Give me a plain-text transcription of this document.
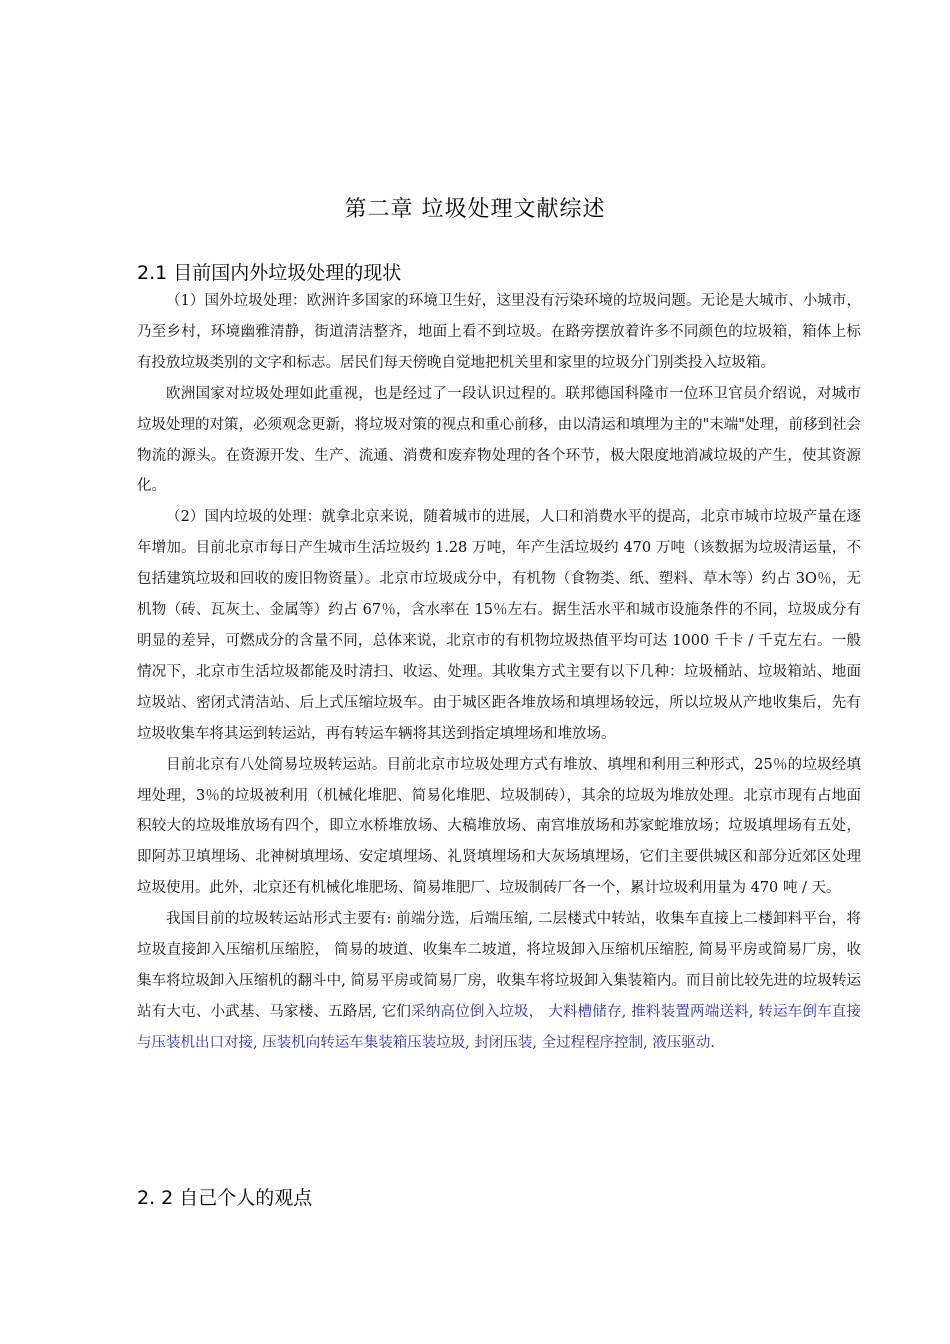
第二章 垃圾处理文献综述
2.1 目前国内外垃圾处理的现状

（1）国外垃圾处理：欧洲许多国家的环境卫生好，这里没有污染环境的垃圾问题。无论是大城市、小城市，乃至乡村，环境幽雅清静，街道清洁整齐，地面上看不到垃圾。在路旁摆放着许多不同颜色的垃圾箱，箱体上标有投放垃圾类别的文字和标志。居民们每天傍晚自觉地把机关里和家里的垃圾分门别类投入垃圾箱。

欧洲国家对垃圾处理如此重视，也是经过了一段认识过程的。联邦德国科隆市一位环卫官员介绍说，对城市垃圾处理的对策，必须观念更新，将垃圾对策的视点和重心前移，由以清运和填埋为主的"末端"处理，前移到社会物流的源头。在资源开发、生产、流通、消费和废弃物处理的各个环节，极大限度地消减垃圾的产生，使其资源化。

（2）国内垃圾的处理：就拿北京来说，随着城市的进展，人口和消费水平的提高，北京市城市垃圾产量在逐年增加。目前北京市每日产生城市生活垃圾约 1.28 万吨，年产生活垃圾约 470 万吨（该数据为垃圾清运量，不包括建筑垃圾和回收的废旧物资量）。北京市垃圾成分中，有机物（食物类、纸、塑料、草木等）约占 3O％，无机物（砖、瓦灰土、金属等）约占 67％，含水率在 15％左右。据生活水平和城市设施条件的不同，垃圾成分有明显的差异，可燃成分的含量不同，总体来说，北京市的有机物垃圾热值平均可达 1000 千卡 / 千克左右。一般情况下，北京市生活垃圾都能及时清扫、收运、处理。其收集方式主要有以下几种：垃圾桶站、垃圾箱站、地面垃圾站、密闭式清洁站、后上式压缩垃圾车。由于城区距各堆放场和填埋场较远，所以垃圾从产地收集后，先有垃圾收集车将其运到转运站，再有转运车辆将其送到指定填埋场和堆放场。

目前北京有八处简易垃圾转运站。目前北京市垃圾处理方式有堆放、填埋和利用三种形式，25％的垃圾经填埋处理，3％的垃圾被利用（机械化堆肥、简易化堆肥、垃圾制砖），其余的垃圾为堆放处理。北京市现有占地面积较大的垃圾堆放场有四个，即立水桥堆放场、大稿堆放场、南宫堆放场和苏家蛇堆放场；垃圾填埋场有五处，即阿苏卫填埋场、北神树填埋场、安定填埋场、礼贤填埋场和大灰场填埋场，它们主要供城区和部分近郊区处理垃圾使用。此外，北京还有机械化堆肥场、简易堆肥厂、垃圾制砖厂各一个，累计垃圾利用量为 470 吨 / 天。

我国目前的垃圾转运站形式主要有: 前端分选，后端压缩, 二层楼式中转站，收集车直接上二楼卸料平台，将垃圾直接卸入压缩机压缩腔， 简易的坡道、收集车二坡道，将垃圾卸入压缩机压缩腔, 简易平房或简易厂房，收集车将垃圾卸入压缩机的翻斗中, 简易平房或简易厂房，收集车将垃圾卸入集装箱内。而目前比较先进的垃圾转运站有大屯、小武基、马家楼、五路居, 它们采纳高位倒入垃圾， 大料槽储存, 推料装置两端送料, 转运车倒车直接与压装机出口对接, 压装机向转运车集装箱压装垃圾, 封闭压装, 全过程程序控制, 液压驱动.

2. 2 自己个人的观点
